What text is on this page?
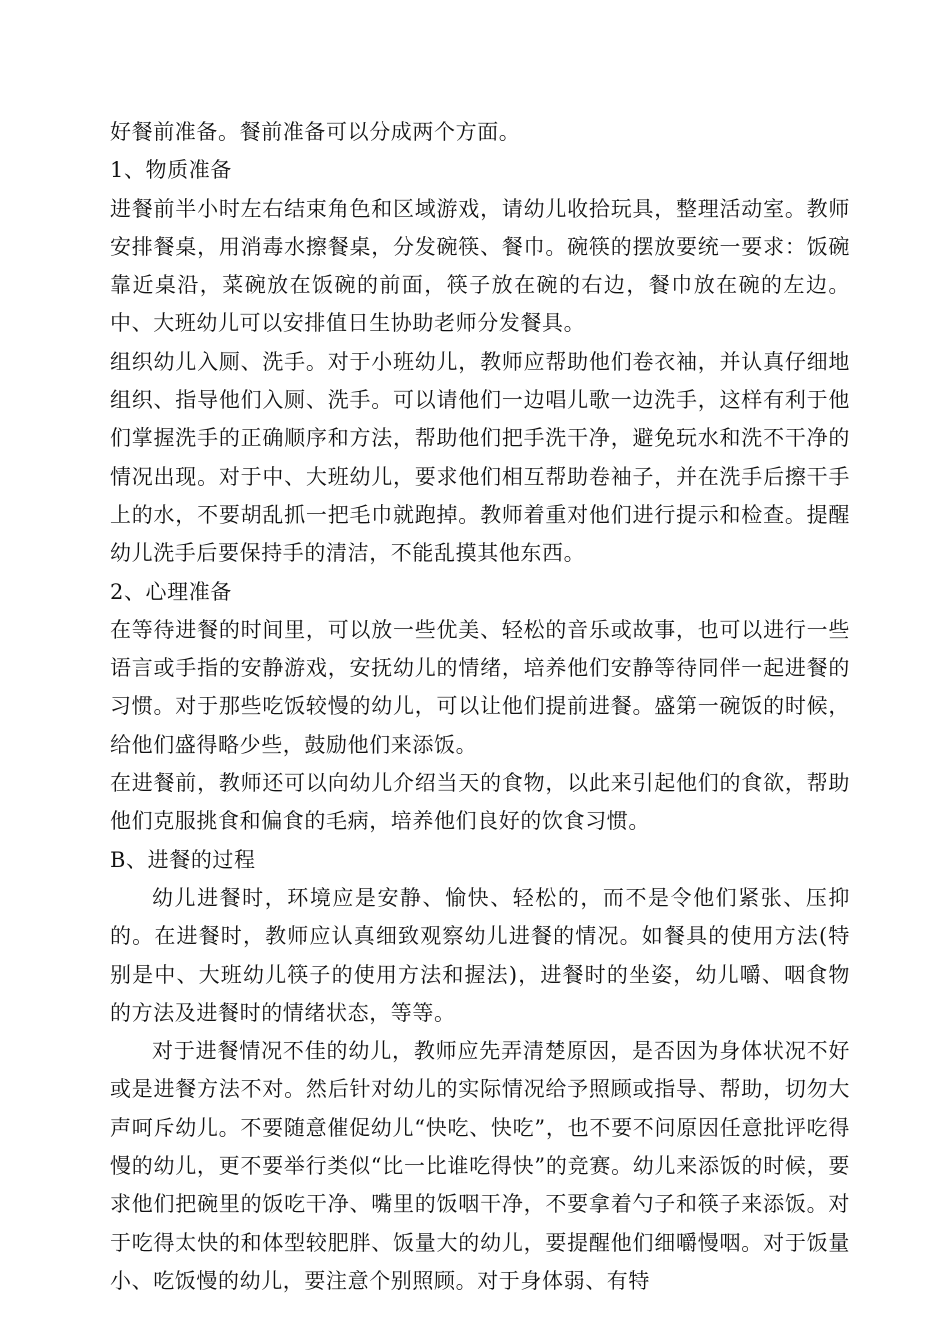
好餐前准备。餐前准备可以分成两个方面。

1、物质准备

进餐前半小时左右结束角色和区域游戏，请幼儿收拾玩具，整理活动室。教师安排餐桌，用消毒水擦餐桌，分发碗筷、餐巾。碗筷的摆放要统一要求：饭碗靠近桌沿，菜碗放在饭碗的前面，筷子放在碗的右边，餐巾放在碗的左边。中、大班幼儿可以安排值日生协助老师分发餐具。

组织幼儿入厕、洗手。对于小班幼儿，教师应帮助他们卷衣袖，并认真仔细地组织、指导他们入厕、洗手。可以请他们一边唱儿歌一边洗手，这样有利于他们掌握洗手的正确顺序和方法，帮助他们把手洗干净，避免玩水和洗不干净的情况出现。对于中、大班幼儿，要求他们相互帮助卷袖子，并在洗手后擦干手上的水，不要胡乱抓一把毛巾就跑掉。教师着重对他们进行提示和检查。提醒幼儿洗手后要保持手的清洁，不能乱摸其他东西。

2、心理准备

在等待进餐的时间里，可以放一些优美、轻松的音乐或故事，也可以进行一些语言或手指的安静游戏，安抚幼儿的情绪，培养他们安静等待同伴一起进餐的习惯。对于那些吃饭较慢的幼儿，可以让他们提前进餐。盛第一碗饭的时候，给他们盛得略少些，鼓励他们来添饭。

在进餐前，教师还可以向幼儿介绍当天的食物，以此来引起他们的食欲，帮助他们克服挑食和偏食的毛病，培养他们良好的饮食习惯。

B、进餐的过程

幼儿进餐时，环境应是安静、愉快、轻松的，而不是令他们紧张、压抑的。在进餐时，教师应认真细致观察幼儿进餐的情况。如餐具的使用方法(特别是中、大班幼儿筷子的使用方法和握法)，进餐时的坐姿，幼儿嚼、咽食物的方法及进餐时的情绪状态，等等。

对于进餐情况不佳的幼儿，教师应先弄清楚原因，是否因为身体状况不好或是进餐方法不对。然后针对幼儿的实际情况给予照顾或指导、帮助，切勿大声呵斥幼儿。不要随意催促幼儿“快吃、快吃”，也不要不问原因任意批评吃得慢的幼儿，更不要举行类似“比一比谁吃得快”的竞赛。幼儿来添饭的时候，要求他们把碗里的饭吃干净、嘴里的饭咽干净，不要拿着勺子和筷子来添饭。对于吃得太快的和体型较肥胖、饭量大的幼儿，要提醒他们细嚼慢咽。对于饭量小、吃饭慢的幼儿，要注意个别照顾。对于身体弱、有特
